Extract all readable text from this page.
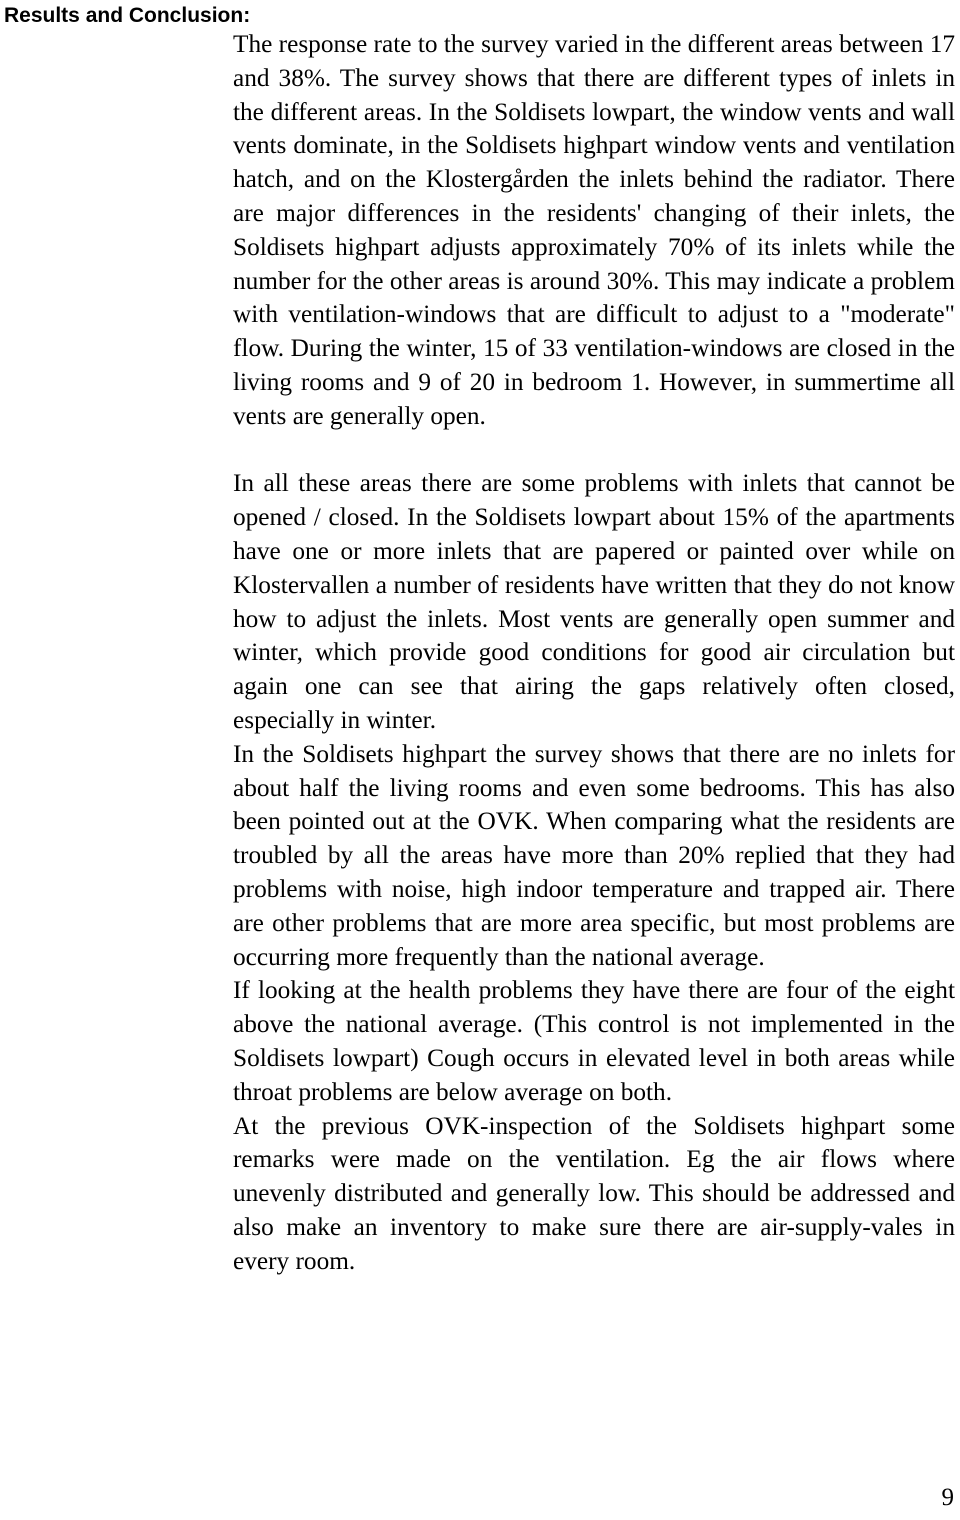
Results and Conclusion:

The response rate to the survey varied in the different areas between 17 and 38%. The survey shows that there are different types of inlets in the different areas. In the Soldisets lowpart, the window vents and wall vents dominate, in the Soldisets highpart window vents and ventilation hatch, and on the Klostergården the inlets behind the radiator. There are major differences in the residents' changing of their inlets, the Soldisets highpart adjusts approximately 70% of its inlets while the number for the other areas is around 30%. This may indicate a problem with ventilation-windows that are difficult to adjust to a "moderate" flow. During the winter, 15 of 33 ventilation-windows are closed in the living rooms and 9 of 20 in bedroom 1. However, in summertime all vents are generally open.

In all these areas there are some problems with inlets that cannot be opened / closed. In the Soldisets lowpart about 15% of the apartments have one or more inlets that are papered or painted over while on Klostervallen a number of residents have written that they do not know how to adjust the inlets. Most vents are generally open summer and winter, which provide good conditions for good air circulation but again one can see that airing the gaps relatively often closed, especially in winter.

In the Soldisets highpart the survey shows that there are no inlets for about half the living rooms and even some bedrooms. This has also been pointed out at the OVK. When comparing what the residents are troubled by all the areas have more than 20% replied that they had problems with noise, high indoor temperature and trapped air. There are other problems that are more area specific, but most problems are occurring more frequently than the national average.

If looking at the health problems they have there are four of the eight above the national average. (This control is not implemented in the Soldisets lowpart) Cough occurs in elevated level in both areas while throat problems are below average on both.

At the previous OVK-inspection of the Soldisets highpart some remarks were made on the ventilation. Eg the air flows where unevenly distributed and generally low. This should be addressed and also make an inventory to make sure there are air-supply-vales in every room.

9
